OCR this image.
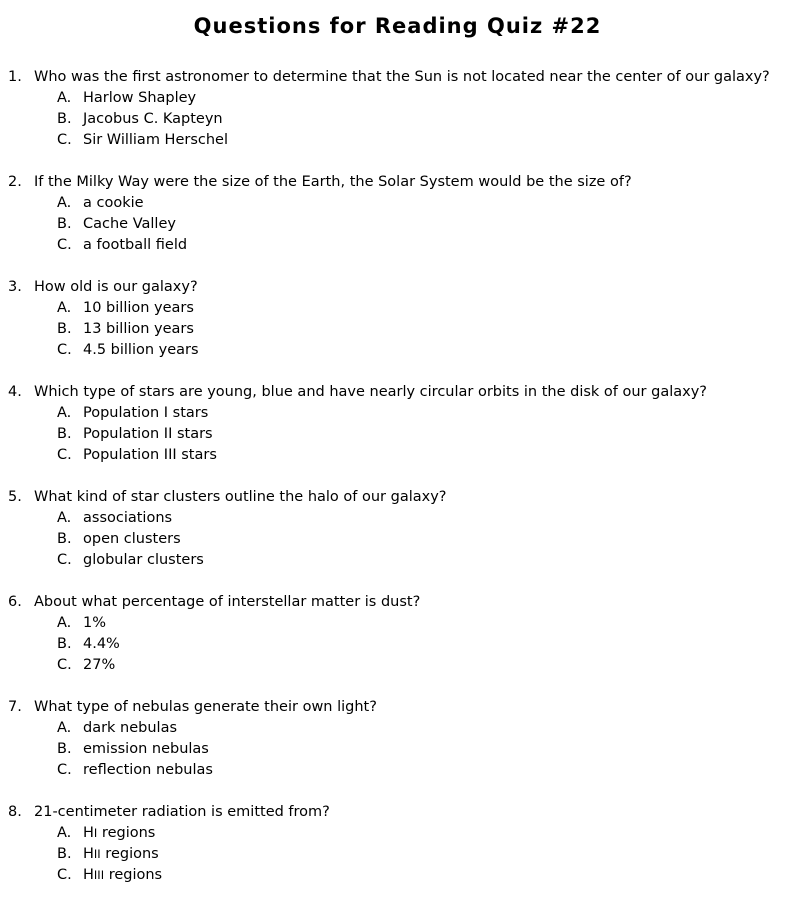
Questions for Reading Quiz #22
1. Who was the first astronomer to determine that the Sun is not located near the center of our galaxy?
A. Harlow Shapley
B. Jacobus C. Kapteyn
C. Sir William Herschel
2. If the Milky Way were the size of the Earth, the Solar System would be the size of?
A. a cookie
B. Cache Valley
C. a football field
3. How old is our galaxy?
A. 10 billion years
B. 13 billion years
C. 4.5 billion years
4. Which type of stars are young, blue and have nearly circular orbits in the disk of our galaxy?
A. Population I stars
B. Population II stars
C. Population III stars
5. What kind of star clusters outline the halo of our galaxy?
A. associations
B. open clusters
C. globular clusters
6. About what percentage of interstellar matter is dust?
A. 1%
B. 4.4%
C. 27%
7. What type of nebulas generate their own light?
A. dark nebulas
B. emission nebulas
C. reflection nebulas
8. 21-centimeter radiation is emitted from?
A. HI regions
B. HII regions
C. HIII regions
